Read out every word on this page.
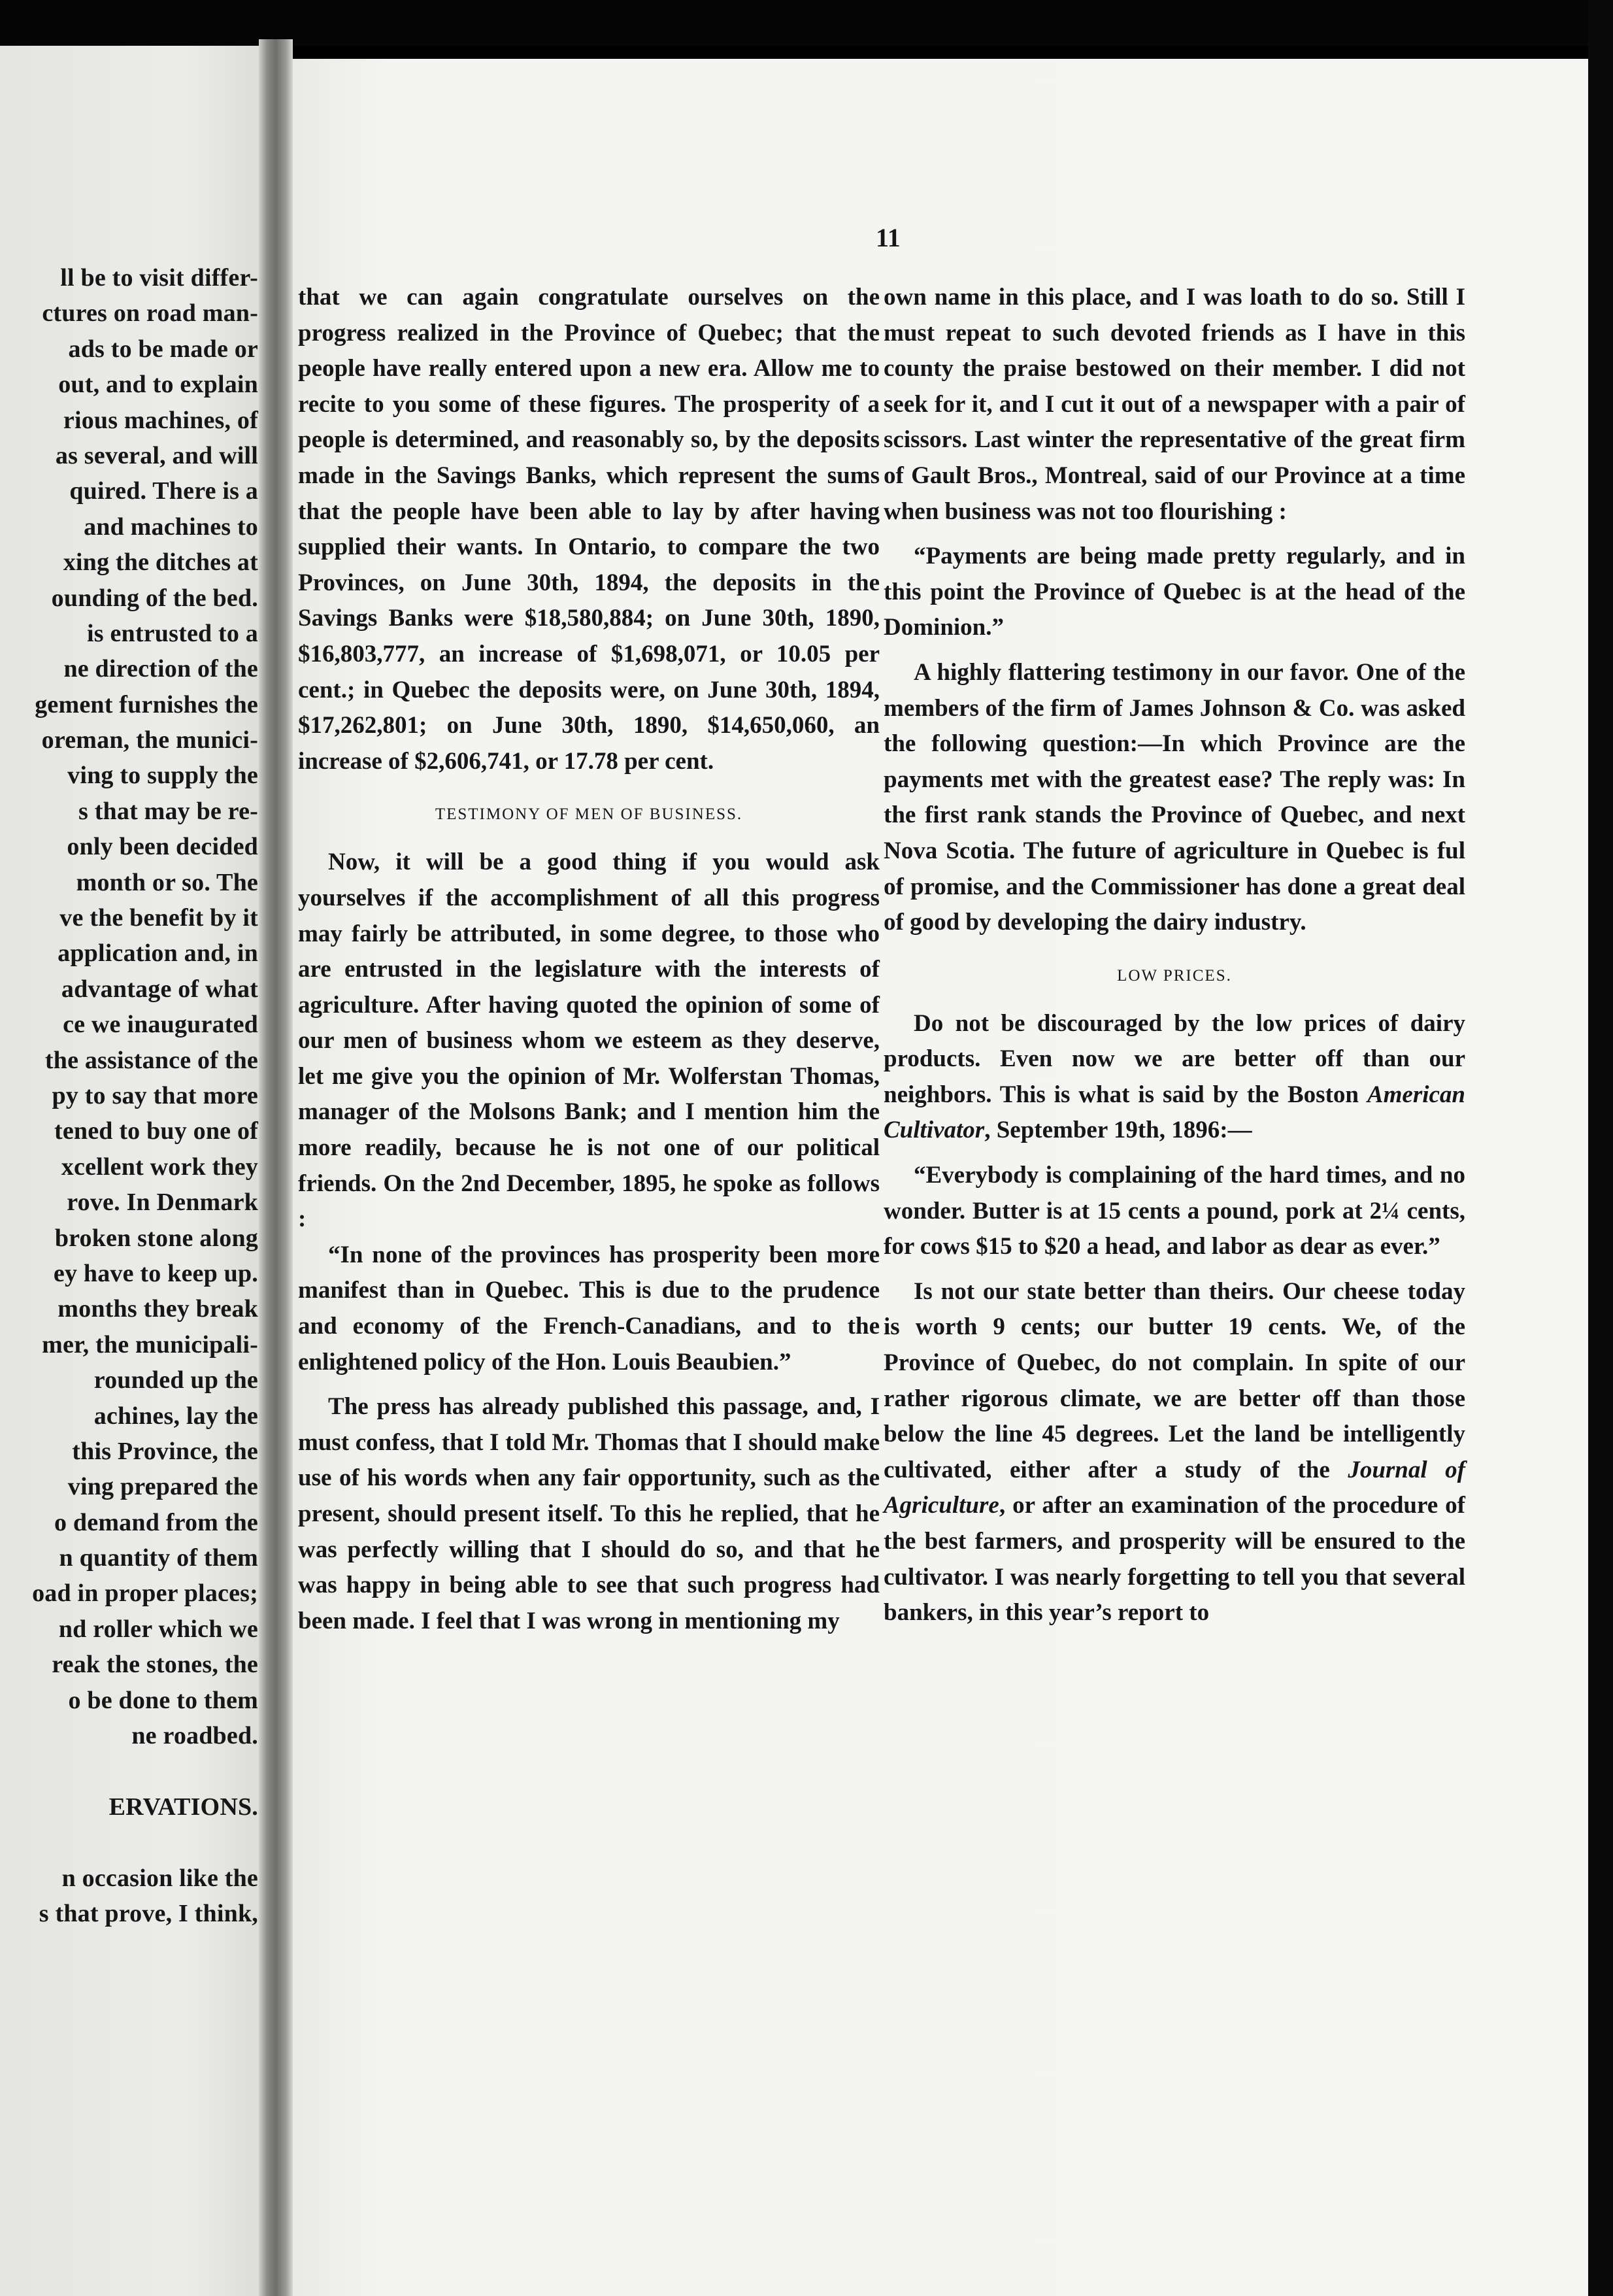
ll be to visit differ-
ctures on road man-
ads to be made or
out, and to explain
rious machines, of
as several, and will
quired. There is a
and machines to
xing the ditches at
ounding of the bed.
is entrusted to a
ne direction of the
gement furnishes the
oreman, the munici-
ving to supply the
s that may be re-
only been decided
month or so. The
ve the benefit by it
application and, in
advantage of what
ce we inaugurated
the assistance of the
py to say that more
tened to buy one of
xcellent work they
rove. In Denmark
broken stone along
ey have to keep up.
months they break
mer, the municipali-
rounded up the
achines, lay the
this Province, the
ving prepared the
o demand from the
n quantity of them
oad in proper places;
nd roller which we
reak the stones, the
o be done to them
ne roadbed.
ERVATIONS.
n occasion like the
s that prove, I think,
11

that we can again congratulate ourselves on the progress realized in the Province of Quebec; that the people have really entered upon a new era. Allow me to recite to you some of these figures. The prosperity of a people is determined, and reasonably so, by the deposits made in the Savings Banks, which represent the sums that the people have been able to lay by after having supplied their wants. In Ontario, to compare the two Provinces, on June 30th, 1894, the deposits in the Savings Banks were $18,580,884; on June 30th, 1890, $16,803,777, an increase of $1,698,071, or 10.05 per cent.; in Quebec the deposits were, on June 30th, 1894, $17,262,801; on June 30th, 1890, $14,650,060, an increase of $2,606,741, or 17.78 per cent.

TESTIMONY OF MEN OF BUSINESS.

Now, it will be a good thing if you would ask yourselves if the accomplishment of all this progress may fairly be attributed, in some degree, to those who are entrusted in the legislature with the interests of agriculture. After having quoted the opinion of some of our men of business whom we esteem as they deserve, let me give you the opinion of Mr. Wolferstan Thomas, manager of the Molsons Bank; and I mention him the more readily, because he is not one of our political friends. On the 2nd December, 1895, he spoke as follows :

“In none of the provinces has prosperity been more manifest than in Quebec. This is due to the prudence and economy of the French-Canadians, and to the enlightened policy of the Hon. Louis Beaubien.”

The press has already published this passage, and, I must confess, that I told Mr. Thomas that I should make use of his words when any fair opportunity, such as the present, should present itself. To this he replied, that he was perfectly willing that I should do so, and that he was happy in being able to see that such progress had been made. I feel that I was wrong in mentioning my

own name in this place, and I was loath to do so. Still I must repeat to such devoted friends as I have in this county the praise bestowed on their member. I did not seek for it, and I cut it out of a newspaper with a pair of scissors. Last winter the representative of the great firm of Gault Bros., Montreal, said of our Province at a time when business was not too flourishing :

“Payments are being made pretty regularly, and in this point the Province of Quebec is at the head of the Dominion.”

A highly flattering testimony in our favor. One of the members of the firm of James Johnson & Co. was asked the following question:—In which Province are the payments met with the greatest ease? The reply was: In the first rank stands the Province of Quebec, and next Nova Scotia. The future of agriculture in Quebec is ful of promise, and the Commissioner has done a great deal of good by developing the dairy industry.

LOW PRICES.

Do not be discouraged by the low prices of dairy products. Even now we are better off than our neighbors. This is what is said by the Boston American Cultivator, September 19th, 1896:—

“Everybody is complaining of the hard times, and no wonder. Butter is at 15 cents a pound, pork at 2¼ cents, for cows $15 to $20 a head, and labor as dear as ever.”

Is not our state better than theirs. Our cheese today is worth 9 cents; our butter 19 cents. We, of the Province of Quebec, do not complain. In spite of our rather rigorous climate, we are better off than those below the line 45 degrees. Let the land be intelligently cultivated, either after a study of the Journal of Agriculture, or after an examination of the procedure of the best farmers, and prosperity will be ensured to the cultivator. I was nearly forgetting to tell you that several bankers, in this year’s report to
